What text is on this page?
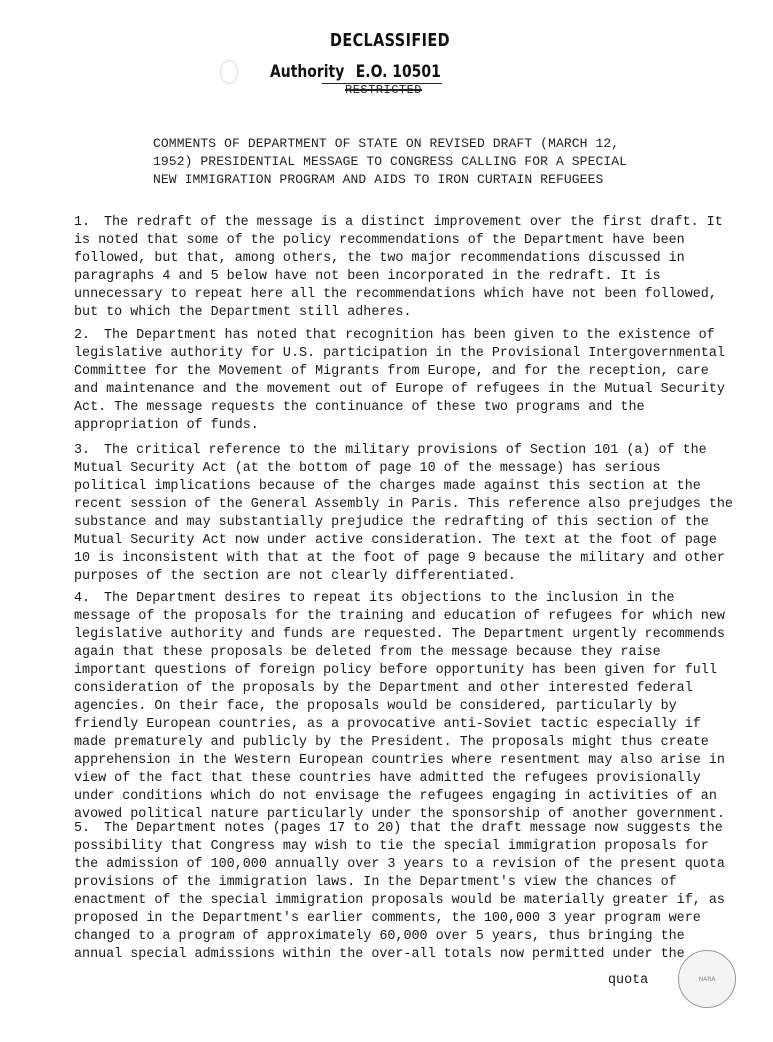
DECLASSIFIED
Authority E.O. 10501
RESTRICTED
COMMENTS OF DEPARTMENT OF STATE ON REVISED DRAFT (MARCH 12,
1952) PRESIDENTIAL MESSAGE TO CONGRESS CALLING FOR A SPECIAL
NEW IMMIGRATION PROGRAM AND AIDS TO IRON CURTAIN REFUGEES
1. The redraft of the message is a distinct improvement over the first draft. It is noted that some of the policy recommendations of the Department have been followed, but that, among others, the two major recommendations discussed in paragraphs 4 and 5 below have not been incorporated in the redraft. It is unnecessary to repeat here all the recommendations which have not been followed, but to which the Department still adheres.
2. The Department has noted that recognition has been given to the existence of legislative authority for U.S. participation in the Provisional Intergovernmental Committee for the Movement of Migrants from Europe, and for the reception, care and maintenance and the movement out of Europe of refugees in the Mutual Security Act. The message requests the continuance of these two programs and the appropriation of funds.
3. The critical reference to the military provisions of Section 101 (a) of the Mutual Security Act (at the bottom of page 10 of the message) has serious political implications because of the charges made against this section at the recent session of the General Assembly in Paris. This reference also prejudges the substance and may substantially prejudice the redrafting of this section of the Mutual Security Act now under active consideration. The text at the foot of page 10 is inconsistent with that at the foot of page 9 because the military and other purposes of the section are not clearly differentiated.
4. The Department desires to repeat its objections to the inclusion in the message of the proposals for the training and education of refugees for which new legislative authority and funds are requested. The Department urgently recommends again that these proposals be deleted from the message because they raise important questions of foreign policy before opportunity has been given for full consideration of the proposals by the Department and other interested federal agencies. On their face, the proposals would be considered, particularly by friendly European countries, as a provocative anti-Soviet tactic especially if made prematurely and publicly by the President. The proposals might thus create apprehension in the Western European countries where resentment may also arise in view of the fact that these countries have admitted the refugees provisionally under conditions which do not envisage the refugees engaging in activities of an avowed political nature particularly under the sponsorship of another government.
5. The Department notes (pages 17 to 20) that the draft message now suggests the possibility that Congress may wish to tie the special immigration proposals for the admission of 100,000 annually over 3 years to a revision of the present quota provisions of the immigration laws. In the Department's view the chances of enactment of the special immigration proposals would be materially greater if, as proposed in the Department's earlier comments, the 100,000 3 year program were changed to a program of approximately 60,000 over 5 years, thus bringing the annual special admissions within the over-all totals now permitted under the
quota	NARA
